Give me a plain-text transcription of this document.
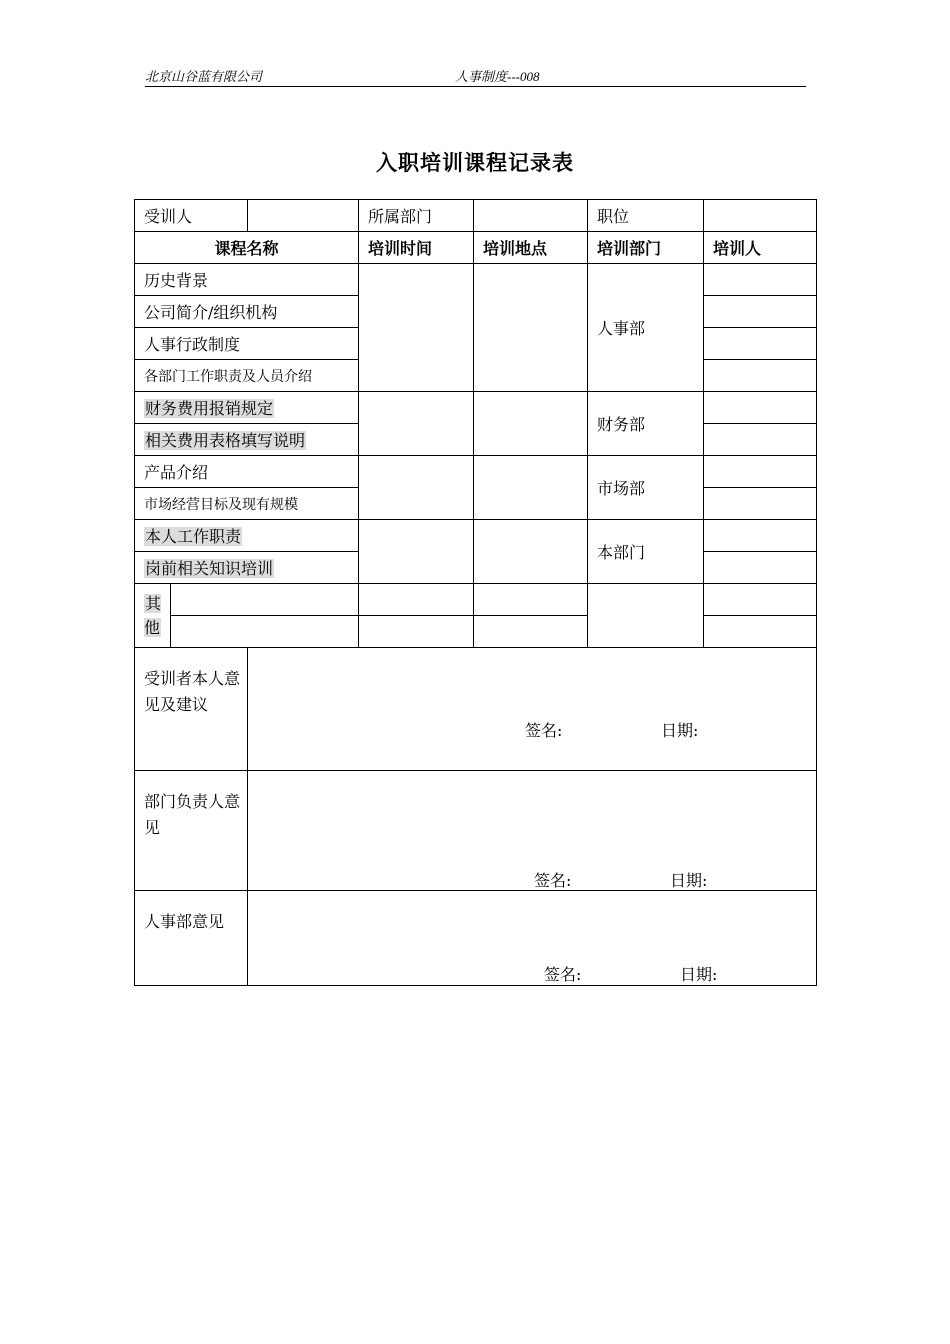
北京山谷蓝有限公司	人事制度---008
入职培训课程记录表
受训人			所属部门		职位	
课程名称			培训时间	培训地点	培训部门	培训人
历史背景					人事部	
公司简介/组织机构						
人事行政制度						
各部门工作职责及人员介绍						
财务费用报销规定					财务部	
相关费用表格填写说明						
产品介绍					市场部	
市场经营目标及现有规模						
本人工作职责					本部门	
岗前相关知识培训						
其他						

受训者本人意见及建议		签名: 日期:				

部门负责人意见		签名: 日期:				

人事部意见		签名: 日期:				
